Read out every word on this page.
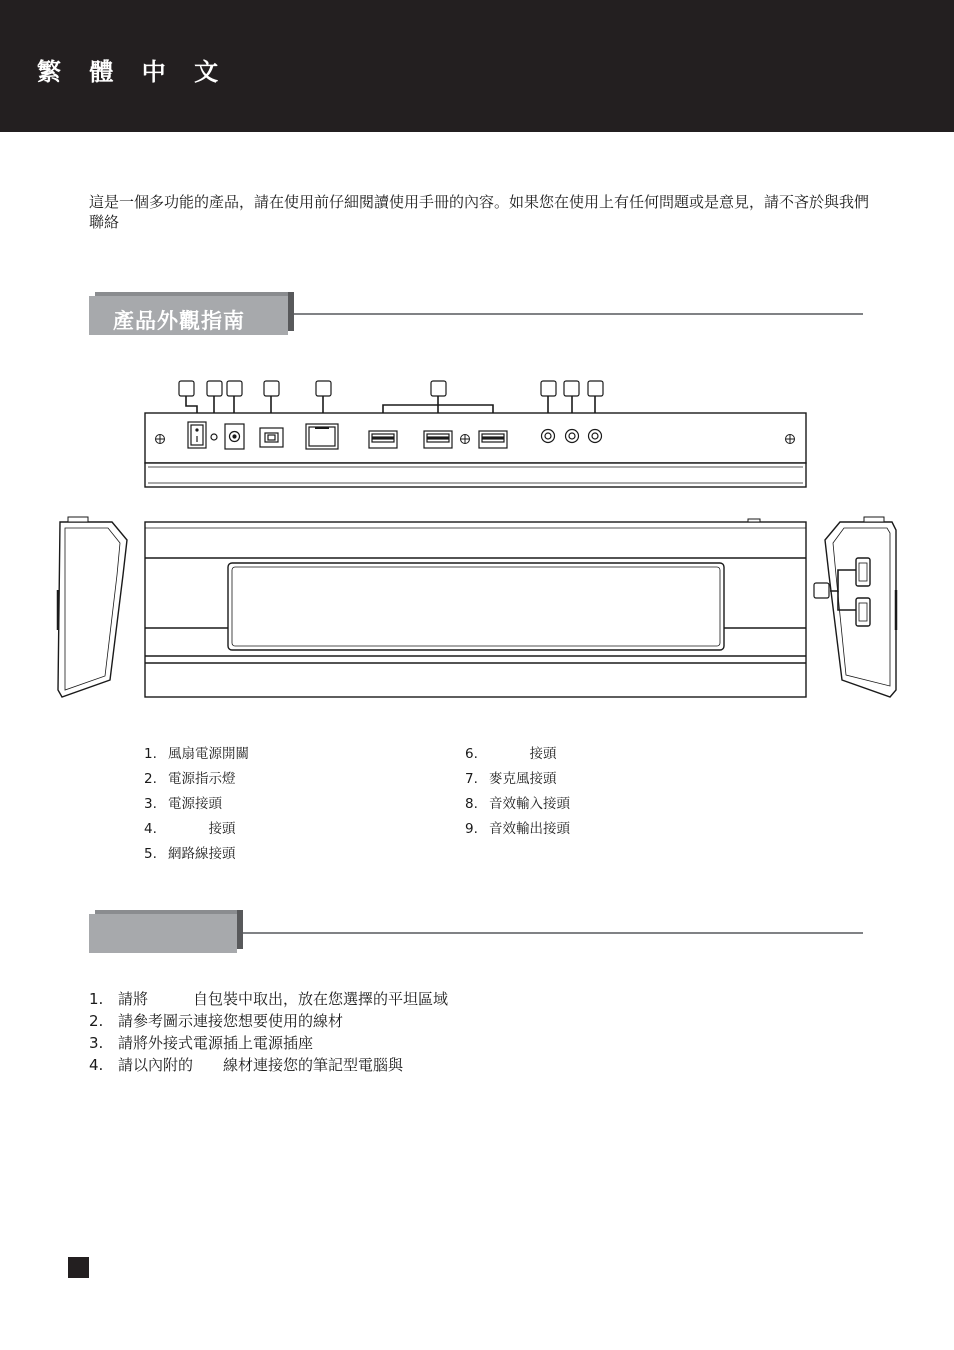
繁 體 中 文
這是一個多功能的產品，請在使用前仔細閱讀使用手冊的內容。如果您在使用上有任何問題或是意見，請不吝於與我們聯絡
產品外觀指南
1. 風扇電源開關
2. 電源指示燈
3. 電源接頭
4.　　　接頭
5. 網路線接頭
6.　　　接頭
7. 麥克風接頭
8. 音效輸入接頭
9. 音效輸出接頭
1. 請將　　　自包裝中取出，放在您選擇的平坦區域
2. 請參考圖示連接您想要使用的線材
3. 請將外接式電源插上電源插座
4. 請以內附的　　線材連接您的筆記型電腦與
